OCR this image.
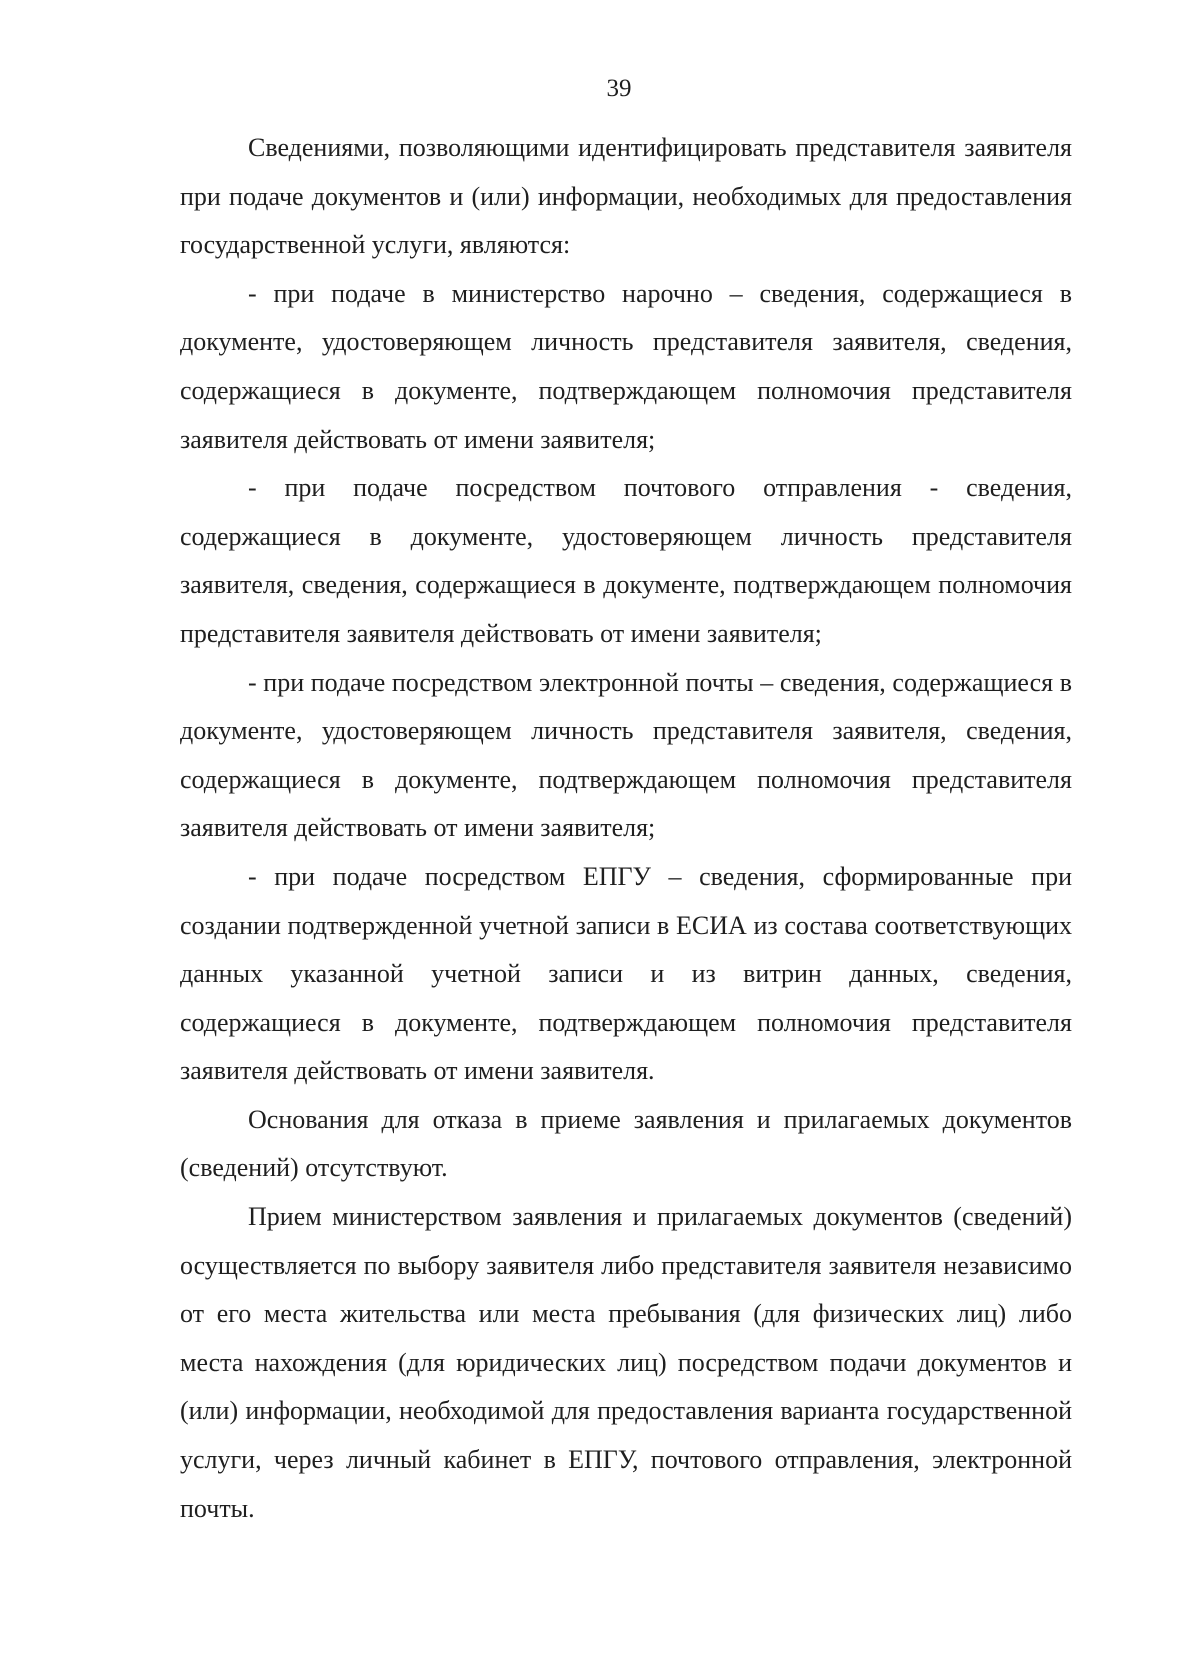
39

Сведениями, позволяющими идентифицировать представителя заявителя при подаче документов и (или) информации, необходимых для предоставления государственной услуги, являются:

- при подаче в министерство нарочно – сведения, содержащиеся в документе, удостоверяющем личность представителя заявителя, сведения, содержащиеся в документе, подтверждающем полномочия представителя заявителя действовать от имени заявителя;

- при подаче посредством почтового отправления - сведения, содержащиеся в документе, удостоверяющем личность представителя заявителя, сведения, содержащиеся в документе, подтверждающем полномочия представителя заявителя действовать от имени заявителя;

- при подаче посредством электронной почты – сведения, содержащиеся в документе, удостоверяющем личность представителя заявителя, сведения, содержащиеся в документе, подтверждающем полномочия представителя заявителя действовать от имени заявителя;

- при подаче посредством ЕПГУ – сведения, сформированные при создании подтвержденной учетной записи в ЕСИА из состава соответствующих данных указанной учетной записи и из витрин данных, сведения, содержащиеся в документе, подтверждающем полномочия представителя заявителя действовать от имени заявителя.

Основания для отказа в приеме заявления и прилагаемых документов (сведений) отсутствуют.

Прием министерством заявления и прилагаемых документов (сведений) осуществляется по выбору заявителя либо представителя заявителя независимо от его места жительства или места пребывания (для физических лиц) либо места нахождения (для юридических лиц) посредством подачи документов и (или) информации, необходимой для предоставления варианта государственной услуги, через личный кабинет в ЕПГУ, почтового отправления, электронной почты.
